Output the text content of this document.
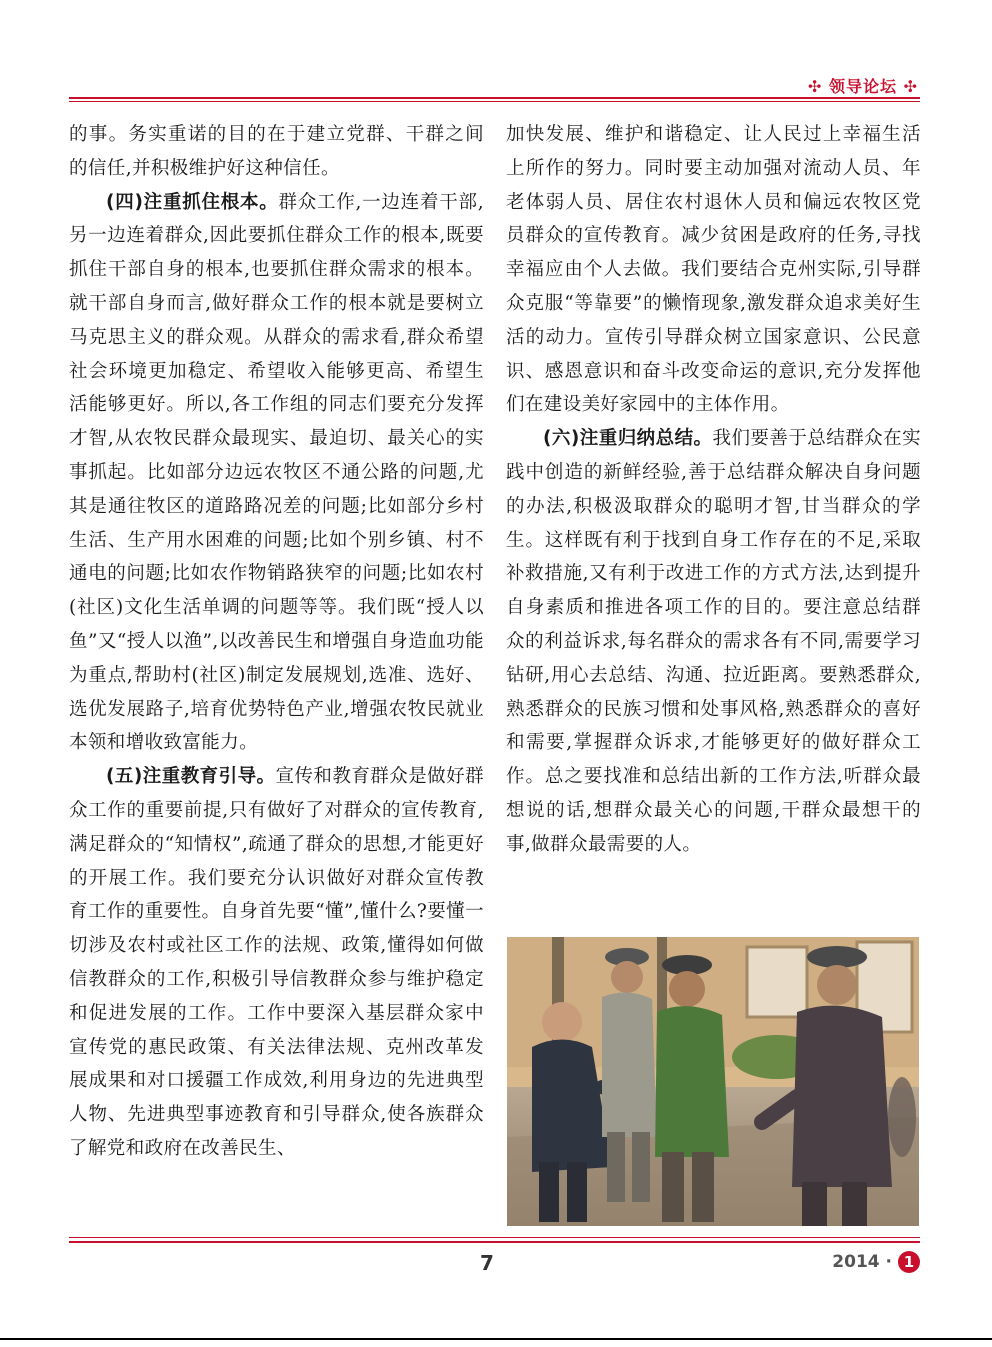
✣ 领导论坛 ✣

的事。务实重诺的目的在于建立党群、干群之间的信任,并积极维护好这种信任。

(四)注重抓住根本。群众工作,一边连着干部,另一边连着群众,因此要抓住群众工作的根本,既要抓住干部自身的根本,也要抓住群众需求的根本。就干部自身而言,做好群众工作的根本就是要树立马克思主义的群众观。从群众的需求看,群众希望社会环境更加稳定、希望收入能够更高、希望生活能够更好。所以,各工作组的同志们要充分发挥才智,从农牧民群众最现实、最迫切、最关心的实事抓起。比如部分边远农牧区不通公路的问题,尤其是通往牧区的道路路况差的问题;比如部分乡村生活、生产用水困难的问题;比如个别乡镇、村不通电的问题;比如农作物销路狭窄的问题;比如农村(社区)文化生活单调的问题等等。我们既“授人以鱼”又“授人以渔”,以改善民生和增强自身造血功能为重点,帮助村(社区)制定发展规划,选准、选好、选优发展路子,培育优势特色产业,增强农牧民就业本领和增收致富能力。

(五)注重教育引导。宣传和教育群众是做好群众工作的重要前提,只有做好了对群众的宣传教育,满足群众的“知情权”,疏通了群众的思想,才能更好的开展工作。我们要充分认识做好对群众宣传教育工作的重要性。自身首先要“懂”,懂什么?要懂一切涉及农村或社区工作的法规、政策,懂得如何做信教群众的工作,积极引导信教群众参与维护稳定和促进发展的工作。工作中要深入基层群众家中宣传党的惠民政策、有关法律法规、克州改革发展成果和对口援疆工作成效,利用身边的先进典型人物、先进典型事迹教育和引导群众,使各族群众了解党和政府在改善民生、

加快发展、维护和谐稳定、让人民过上幸福生活上所作的努力。同时要主动加强对流动人员、年老体弱人员、居住农村退休人员和偏远农牧区党员群众的宣传教育。减少贫困是政府的任务,寻找幸福应由个人去做。我们要结合克州实际,引导群众克服“等靠要”的懒惰现象,激发群众追求美好生活的动力。宣传引导群众树立国家意识、公民意识、感恩意识和奋斗改变命运的意识,充分发挥他们在建设美好家园中的主体作用。

(六)注重归纳总结。我们要善于总结群众在实践中创造的新鲜经验,善于总结群众解决自身问题的办法,积极汲取群众的聪明才智,甘当群众的学生。这样既有利于找到自身工作存在的不足,采取补救措施,又有利于改进工作的方式方法,达到提升自身素质和推进各项工作的目的。要注意总结群众的利益诉求,每名群众的需求各有不同,需要学习钻研,用心去总结、沟通、拉近距离。要熟悉群众,熟悉群众的民族习惯和处事风格,熟悉群众的喜好和需要,掌握群众诉求,才能够更好的做好群众工作。总之要找准和总结出新的工作方法,听群众最想说的话,想群众最关心的问题,干群众最想干的事,做群众最需要的人。

7	2014 · 1
